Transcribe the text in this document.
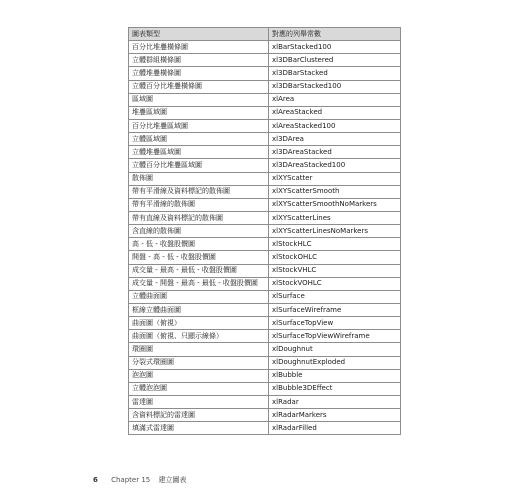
圖表類型	對應的列舉常數
百分比堆疊橫條圖	xlBarStacked100
立體群組橫條圖	xl3DBarClustered
立體堆疊橫條圖	xl3DBarStacked
立體百分比堆疊橫條圖	xl3DBarStacked100
區域圖	xlArea
堆疊區域圖	xlAreaStacked
百分比堆疊區域圖	xlAreaStacked100
立體區域圖	xl3DArea
立體堆疊區域圖	xl3DAreaStacked
立體百分比堆疊區域圖	xl3DAreaStacked100
散佈圖	xlXYScatter
帶有平滑線及資料標記的散佈圖	xlXYScatterSmooth
帶有平滑線的散佈圖	xlXYScatterSmoothNoMarkers
帶有直線及資料標記的散佈圖	xlXYScatterLines
含直線的散佈圖	xlXYScatterLinesNoMarkers
高 - 低 - 收盤股價圖	xlStockHLC
開盤 - 高 - 低 - 收盤股價圖	xlStockOHLC
成交量 - 最高 - 最低 - 收盤股價圖	xlStockVHLC
成交量 - 開盤 - 最高 - 最低 - 收盤股價圖	xlStockVOHLC
立體曲面圖	xlSurface
框線立體曲面圖	xlSurfaceWireframe
曲面圖（俯視）	xlSurfaceTopView
曲面圖（俯視、只顯示線條）	xlSurfaceTopViewWireframe
環圈圖	xlDoughnut
分裂式環圈圖	xlDoughnutExploded
泡泡圖	xlBubble
立體泡泡圖	xlBubble3DEffect
雷達圖	xlRadar
含資料標記的雷達圖	xlRadarMarkers
填滿式雷達圖	xlRadarFilled
6 Chapter 15 建立圖表
